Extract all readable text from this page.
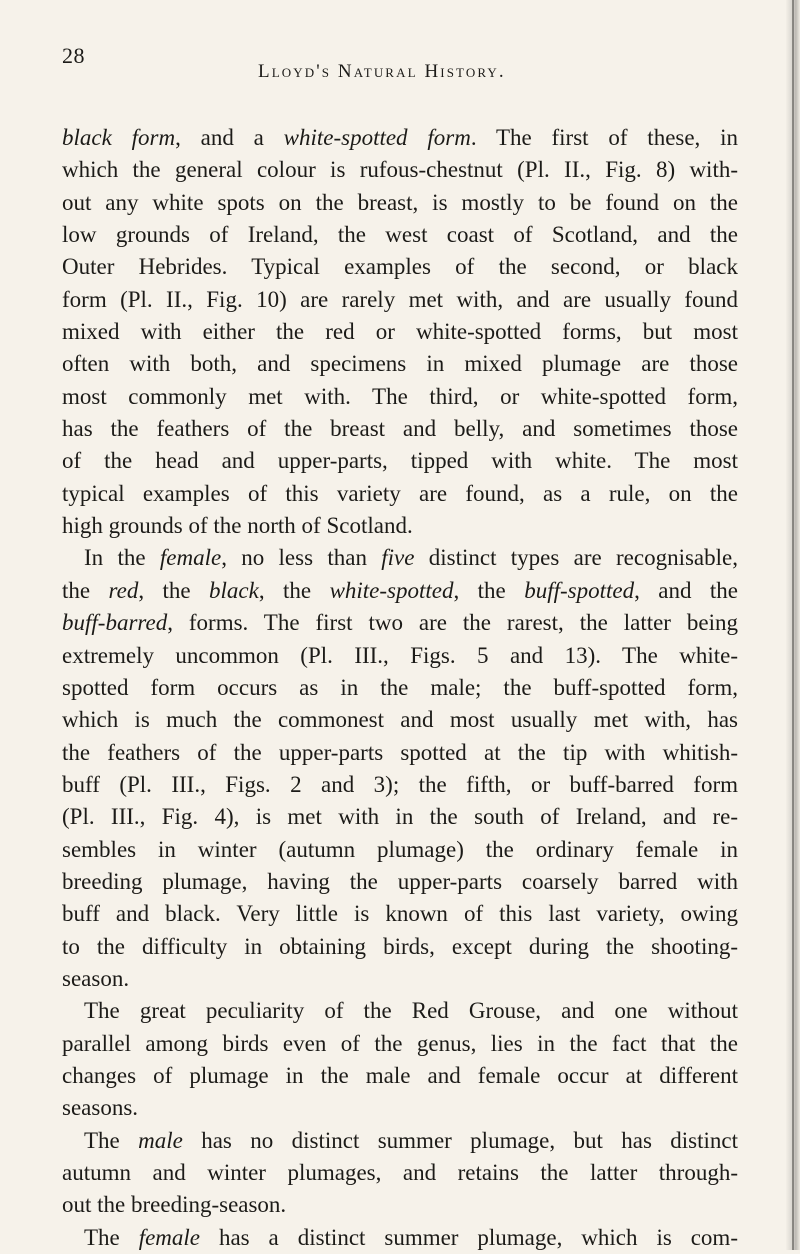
28
Lloyd's Natural History.

black form, and a white-spotted form. The first of these, in

which the general colour is rufous-chestnut (Pl. II., Fig. 8) with-

out any white spots on the breast, is mostly to be found on the

low grounds of Ireland, the west coast of Scotland, and the

Outer Hebrides. Typical examples of the second, or black

form (Pl. II., Fig. 10) are rarely met with, and are usually found

mixed with either the red or white-spotted forms, but most

often with both, and specimens in mixed plumage are those

most commonly met with. The third, or white-spotted form,

has the feathers of the breast and belly, and sometimes those

of the head and upper-parts, tipped with white. The most

typical examples of this variety are found, as a rule, on the

high grounds of the north of Scotland.

In the female, no less than five distinct types are recognisable,

the red, the black, the white-spotted, the buff-spotted, and the

buff-barred, forms. The first two are the rarest, the latter being

extremely uncommon (Pl. III., Figs. 5 and 13). The white-

spotted form occurs as in the male; the buff-spotted form,

which is much the commonest and most usually met with, has

the feathers of the upper-parts spotted at the tip with whitish-

buff (Pl. III., Figs. 2 and 3); the fifth, or buff-barred form

(Pl. III., Fig. 4), is met with in the south of Ireland, and re-

sembles in winter (autumn plumage) the ordinary female in

breeding plumage, having the upper-parts coarsely barred with

buff and black. Very little is known of this last variety, owing

to the difficulty in obtaining birds, except during the shooting-

season.

The great peculiarity of the Red Grouse, and one without

parallel among birds even of the genus, lies in the fact that the

changes of plumage in the male and female occur at different

seasons.

The male has no distinct summer plumage, but has distinct

autumn and winter plumages, and retains the latter through-

out the breeding-season.

The female has a distinct summer plumage, which is com-
